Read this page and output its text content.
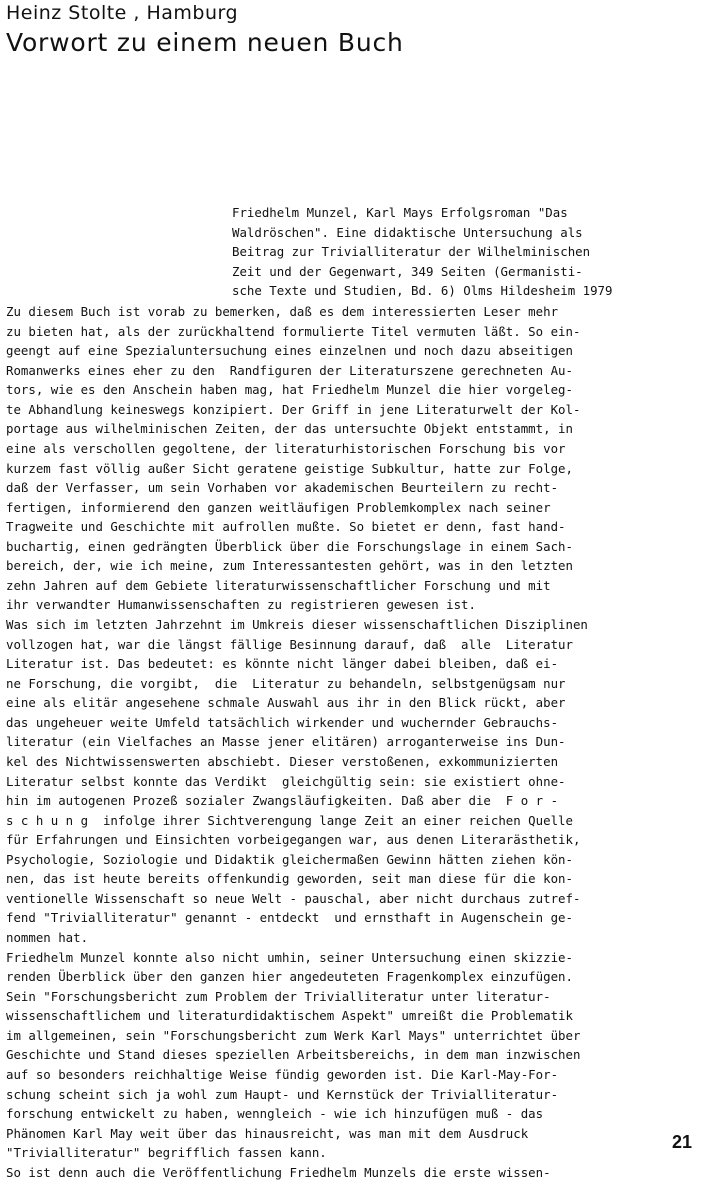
Heinz Stolte , Hamburg
Vorwort zu einem neuen Buch
Friedhelm Munzel, Karl Mays Erfolgsroman "Das
Waldröschen". Eine didaktische Untersuchung als
Beitrag zur Trivialliteratur der Wilhelminischen
Zeit und der Gegenwart, 349 Seiten (Germanisti-
sche Texte und Studien, Bd. 6) Olms Hildesheim 1979
Zu diesem Buch ist vorab zu bemerken, daß es dem interessierten Leser mehr
zu bieten hat, als der zurückhaltend formulierte Titel vermuten läßt. So ein-
geengt auf eine Spezialuntersuchung eines einzelnen und noch dazu abseitigen
Romanwerks eines eher zu den  Randfiguren der Literaturszene gerechneten Au-
tors, wie es den Anschein haben mag, hat Friedhelm Munzel die hier vorgeleg-
te Abhandlung keineswegs konzipiert. Der Griff in jene Literaturwelt der Kol-
portage aus wilhelminischen Zeiten, der das untersuchte Objekt entstammt, in
eine als verschollen gegoltene, der literaturhistorischen Forschung bis vor
kurzem fast völlig außer Sicht geratene geistige Subkultur, hatte zur Folge,
daß der Verfasser, um sein Vorhaben vor akademischen Beurteilern zu recht-
fertigen, informierend den ganzen weitläufigen Problemkomplex nach seiner
Tragweite und Geschichte mit aufrollen mußte. So bietet er denn, fast hand-
buchartig, einen gedrängten Überblick über die Forschungslage in einem Sach-
bereich, der, wie ich meine, zum Interessantesten gehört, was in den letzten
zehn Jahren auf dem Gebiete literaturwissenschaftlicher Forschung und mit
ihr verwandter Humanwissenschaften zu registrieren gewesen ist.
Was sich im letzten Jahrzehnt im Umkreis dieser wissenschaftlichen Disziplinen
vollzogen hat, war die längst fällige Besinnung darauf, daß  alle  Literatur
Literatur ist. Das bedeutet: es könnte nicht länger dabei bleiben, daß ei-
ne Forschung, die vorgibt,  die  Literatur zu behandeln, selbstgenügsam nur
eine als elitär angesehene schmale Auswahl aus ihr in den Blick rückt, aber
das ungeheuer weite Umfeld tatsächlich wirkender und wuchernder Gebrauchs-
literatur (ein Vielfaches an Masse jener elitären) arroganterweise ins Dun-
kel des Nichtwissenswerten abschiebt. Dieser verstoßenen, exkommunizierten
Literatur selbst konnte das Verdikt  gleichgültig sein: sie existiert ohne-
hin im autogenen Prozeß sozialer Zwangsläufigkeiten. Daß aber die  F o r -
s c h u n g  infolge ihrer Sichtverengung lange Zeit an einer reichen Quelle
für Erfahrungen und Einsichten vorbeigegangen war, aus denen Literarästhetik,
Psychologie, Soziologie und Didaktik gleichermaßen Gewinn hätten ziehen kön-
nen, das ist heute bereits offenkundig geworden, seit man diese für die kon-
ventionelle Wissenschaft so neue Welt - pauschal, aber nicht durchaus zutref-
fend "Trivialliteratur" genannt - entdeckt  und ernsthaft in Augenschein ge-
nommen hat.
Friedhelm Munzel konnte also nicht umhin, seiner Untersuchung einen skizzie-
renden Überblick über den ganzen hier angedeuteten Fragenkomplex einzufügen.
Sein "Forschungsbericht zum Problem der Trivialliteratur unter literatur-
wissenschaftlichem und literaturdidaktischem Aspekt" umreißt die Problematik
im allgemeinen, sein "Forschungsbericht zum Werk Karl Mays" unterrichtet über
Geschichte und Stand dieses speziellen Arbeitsbereichs, in dem man inzwischen
auf so besonders reichhaltige Weise fündig geworden ist. Die Karl-May-For-
schung scheint sich ja wohl zum Haupt- und Kernstück der Trivialliteratur-
forschung entwickelt zu haben, wenngleich - wie ich hinzufügen muß - das
Phänomen Karl May weit über das hinausreicht, was man mit dem Ausdruck
"Trivialliteratur" begrifflich fassen kann.
So ist denn auch die Veröffentlichung Friedhelm Munzels die erste wissen-
21
